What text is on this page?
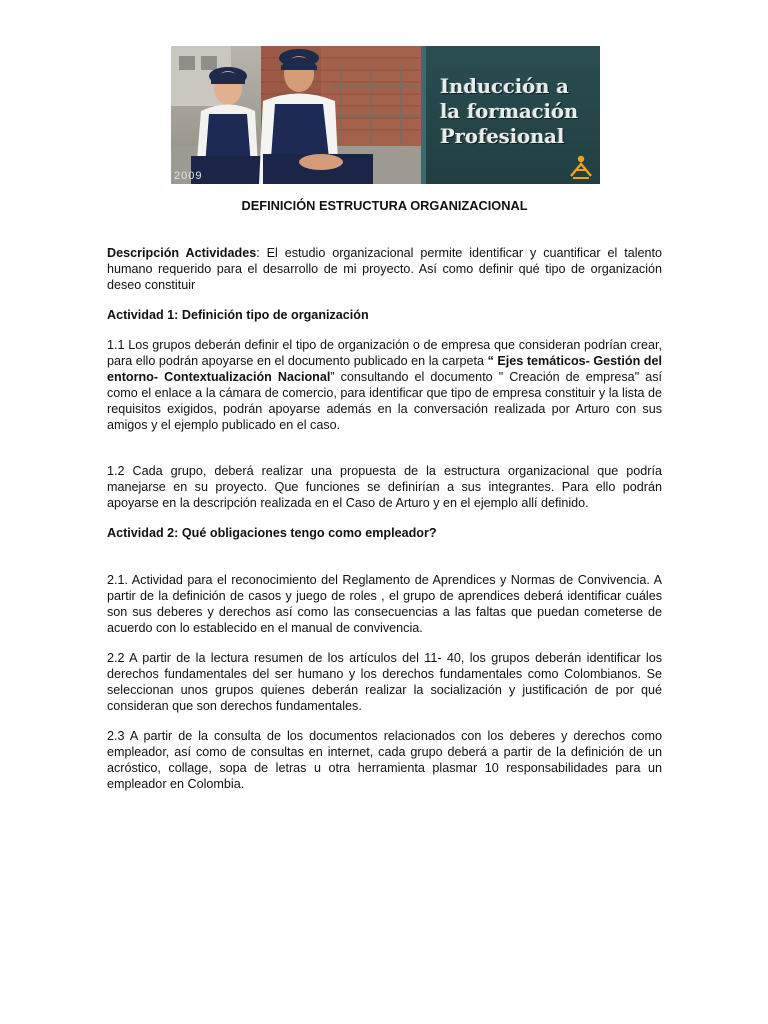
2009
Inducción a
la formación
Profesional
DEFINICIÓN ESTRUCTURA ORGANIZACIONAL

Descripción Actividades: El estudio organizacional permite identificar y cuantificar el talento humano requerido para el desarrollo de mi proyecto. Así como definir qué tipo de organización deseo constituir

Actividad 1: Definición tipo de organización

1.1 Los grupos deberán definir el tipo de organización o de empresa que consideran podrían crear, para ello podrán apoyarse en el documento publicado en la carpeta “ Ejes temáticos- Gestión del entorno- Contextualización Nacional” consultando el documento " Creación de empresa" así como el enlace a la cámara de comercio, para identificar que tipo de empresa constituir y la lista de requisitos exigidos, podrán apoyarse además en la conversación realizada por Arturo con sus amigos y el ejemplo publicado en el caso.

1.2 Cada grupo, deberá realizar una propuesta de la estructura organizacional que podría manejarse en su proyecto. Que funciones se definirían a sus integrantes. Para ello podrán apoyarse en la descripción realizada en el Caso de Arturo y en el ejemplo allí definido.

Actividad 2: Qué obligaciones tengo como empleador?

2.1. Actividad para el reconocimiento del Reglamento de Aprendices y Normas de Convivencia. A partir de la definición de casos y juego de roles , el grupo de aprendices deberá identificar cuáles son sus deberes y derechos así como las consecuencias a las faltas que puedan cometerse de acuerdo con lo establecido en el manual de convivencia.

2.2 A partir de la lectura resumen de los artículos del 11- 40, los grupos deberán identificar los derechos fundamentales del ser humano y los derechos fundamentales como Colombianos. Se seleccionan unos grupos quienes deberán realizar la socialización y justificación de por qué consideran que son derechos fundamentales.

2.3 A partir de la consulta de los documentos relacionados con los deberes y derechos como empleador, así como de consultas en internet, cada grupo deberá a partir de la definición de un acróstico, collage, sopa de letras u otra herramienta plasmar 10 responsabilidades para un empleador en Colombia.
